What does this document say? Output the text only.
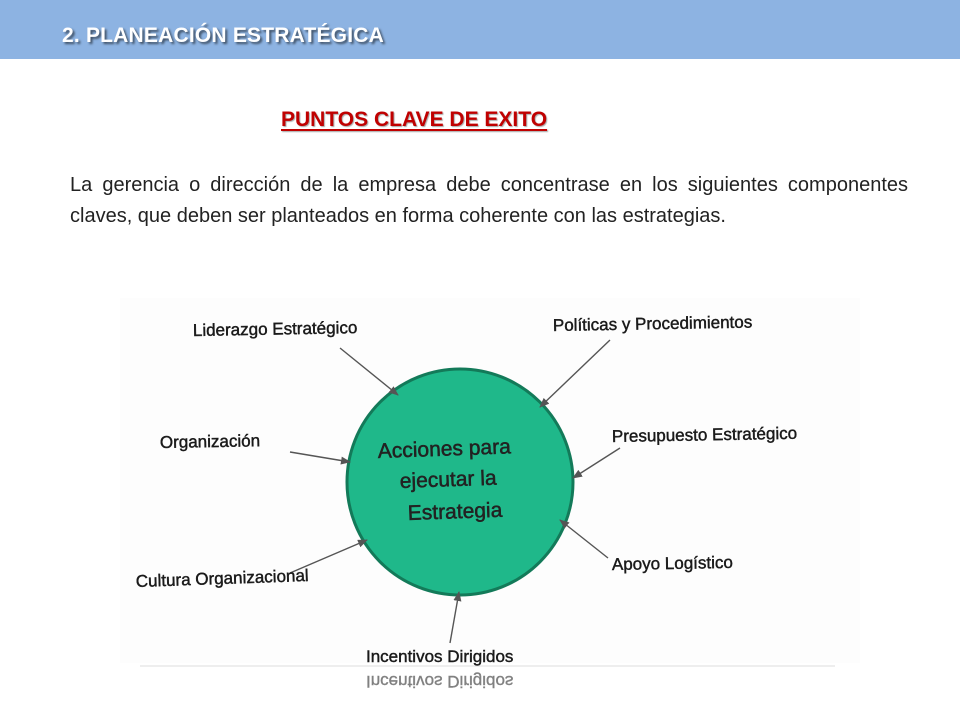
2. PLANEACIÓN ESTRATÉGICA
PUNTOS CLAVE DE EXITO
La gerencia o dirección de la empresa debe concentrase en los siguientes componentes claves, que deben ser planteados en forma coherente con las estrategias.
Acciones para
ejecutar la
Estrategia
Liderazgo Estratégico	Políticas y Procedimientos
Organización	Presupuesto Estratégico
Cultura Organizacional
Apoyo Logístico
Incentivos Dirigidos
Incentivos Dirigidos
